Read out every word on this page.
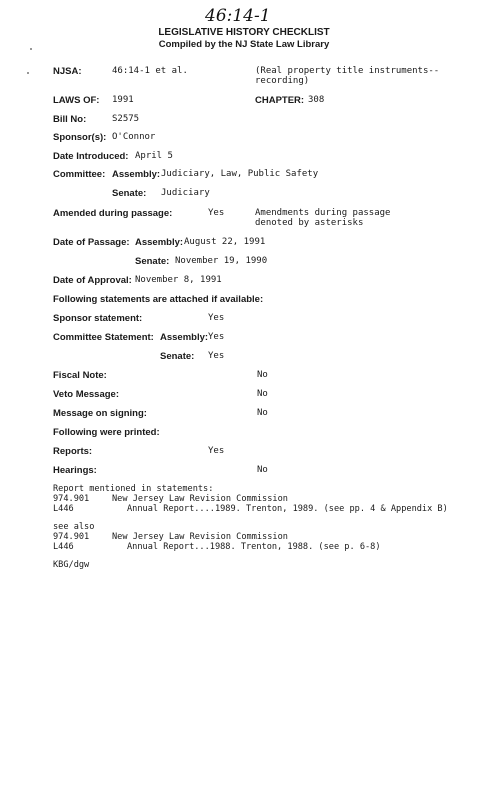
46:14-1
LEGISLATIVE HISTORY CHECKLIST
Compiled by the NJ State Law Library
NJSA:	46:14-1 et al.	(Real property title instruments--
recording)
LAWS OF: 1991	CHAPTER: 308
Bill No:	S2575
Sponsor(s): O'Connor
Date Introduced: April 5
Committee: Assembly: Judiciary, Law, Public Safety
Senate: Judiciary
Amended during passage:	Yes	Amendments during passage
denoted by asterisks
Date of Passage: Assembly: August 22, 1991
Senate: November 19, 1990
Date of Approval: November 8, 1991
Following statements are attached if available:
Sponsor statement:	Yes
Committee Statement: Assembly: Yes
Senate: Yes
Fiscal Note:	No
Veto Message:	No
Message on signing:	No
Following were printed:
Reports:	Yes
Hearings:	No
Report mentioned in statements:
974.901	New Jersey Law Revision Commission
L446	Annual Report....1989. Trenton, 1989. (see pp. 4 & Appendix B)
see also
974.901	New Jersey Law Revision Commission
L446	Annual Report...1988. Trenton, 1988. (see p. 6-8)
KBG/dgw
